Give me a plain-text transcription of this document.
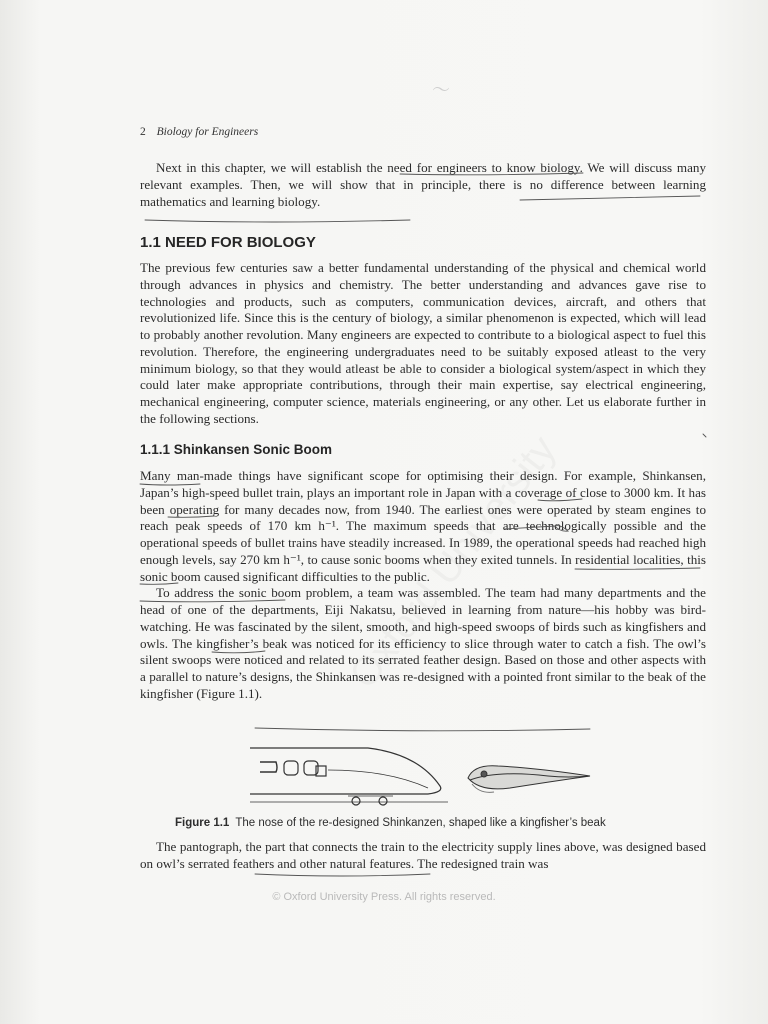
〜
2 Biology for Engineers

Next in this chapter, we will establish the need for engineers to know biology. We will discuss many relevant examples. Then, we will show that in principle, there is no difference between learning mathematics and learning biology.

1.1 NEED FOR BIOLOGY

The previous few centuries saw a better fundamental understanding of the physical and chemical world through advances in physics and chemistry. The better understanding and advances gave rise to technologies and products, such as computers, communication devices, aircraft, and others that revolutionized life. Since this is the century of biology, a similar phenomenon is expected, which will lead to probably another revolution. Many engineers are expected to contribute to a biological aspect to fuel this revolution. Therefore, the engineering undergraduates need to be suitably exposed atleast to the very minimum biology, so that they would atleast be able to consider a biological system/aspect in which they could later make appropriate contributions, through their main expertise, say electrical engineering, mechanical engineering, computer science, materials engineering, or any other. Let us elaborate further in the following sections.

1.1.1 Shinkansen Sonic Boom

Many man-made things have significant scope for optimising their design. For example, Shinkansen, Japan’s high-speed bullet train, plays an important role in Japan with a coverage of close to 3000 km. It has been operating for many decades now, from 1940. The earliest ones were operated by steam engines to reach peak speeds of 170 km h⁻¹. The maximum speeds that are technologically possible and the operational speeds of bullet trains have steadily increased. In 1989, the operational speeds had reached high enough levels, say 270 km h⁻¹, to cause sonic booms when they exited tunnels. In residential localities, this sonic boom caused significant difficulties to the public.

To address the sonic boom problem, a team was assembled. The team had many departments and the head of one of the departments, Eiji Nakatsu, believed in learning from nature—his hobby was bird-watching. He was fascinated by the silent, smooth, and high-speed swoops of birds such as kingfishers and owls. The kingfisher’s beak was noticed for its efficiency to slice through water to catch a fish. The owl’s silent swoops were noticed and related to its serrated feather design. Based on those and other aspects with a parallel to nature’s designs, the Shinkansen was re-designed with a pointed front similar to the beak of the kingfisher (Figure 1.1).

The pantograph, the part that connects the train to the electricity supply lines above, was designed based on owl’s serrated feathers and other natural features. The redesigned train was

Figure 1.1 The nose of the re-designed Shinkanzen, shaped like a kingfisher’s beak
© Oxford University Press. All rights reserved.
